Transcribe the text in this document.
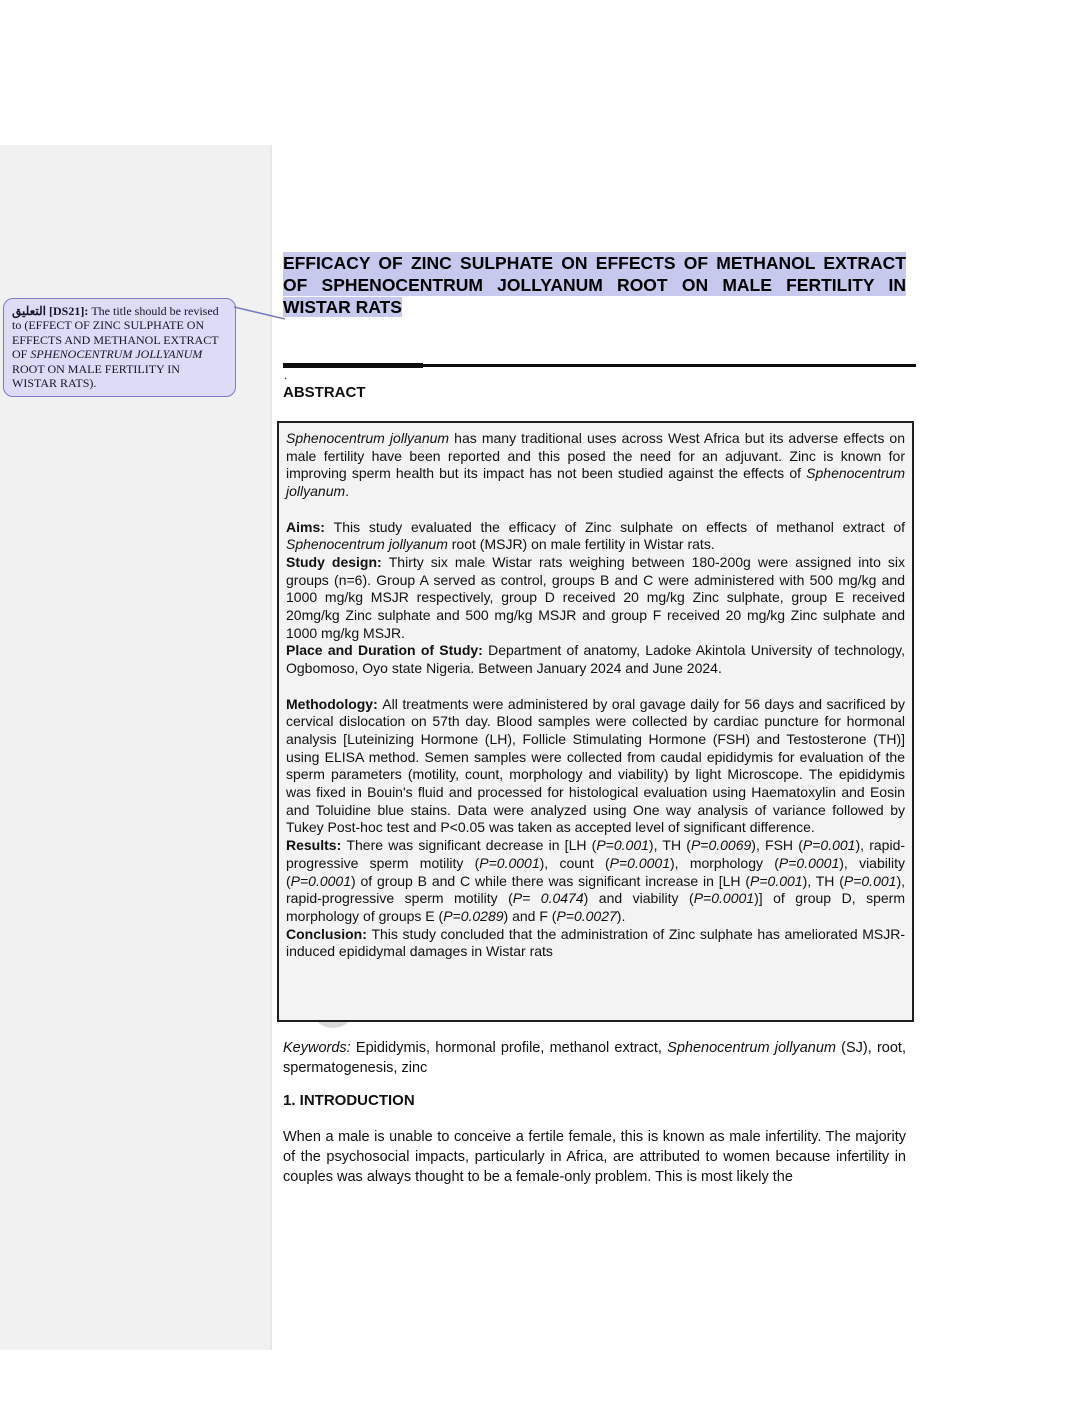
التعليق [DS21]: The title should be revised to (EFFECT OF ZINC SULPHATE ON EFFECTS AND METHANOL EXTRACT OF SPHENOCENTRUM JOLLYANUM ROOT ON MALE FERTILITY IN WISTAR RATS).
EFFICACY OF ZINC SULPHATE ON EFFECTS OF METHANOL EXTRACT
OF SPHENOCENTRUM JOLLYANUM ROOT ON MALE FERTILITY IN
WISTAR RATS
.
ABSTRACT

Sphenocentrum jollyanum has many traditional uses across West Africa but its adverse effects on male fertility have been reported and this posed the need for an adjuvant. Zinc is known for improving sperm health but its impact has not been studied against the effects of Sphenocentrum jollyanum.

Aims: This study evaluated the efficacy of Zinc sulphate on effects of methanol extract of Sphenocentrum jollyanum root (MSJR) on male fertility in Wistar rats.

Study design: Thirty six male Wistar rats weighing between 180-200g were assigned into six groups (n=6). Group A served as control, groups B and C were administered with 500 mg/kg and 1000 mg/kg MSJR respectively, group D received 20 mg/kg Zinc sulphate, group E received 20mg/kg Zinc sulphate and 500 mg/kg MSJR and group F received 20 mg/kg Zinc sulphate and 1000 mg/kg MSJR.

Place and Duration of Study: Department of anatomy, Ladoke Akintola University of technology, Ogbomoso, Oyo state Nigeria. Between January 2024 and June 2024.

Methodology: All treatments were administered by oral gavage daily for 56 days and sacrificed by cervical dislocation on 57th day. Blood samples were collected by cardiac puncture for hormonal analysis [Luteinizing Hormone (LH), Follicle Stimulating Hormone (FSH) and Testosterone (TH)] using ELISA method. Semen samples were collected from caudal epididymis for evaluation of the sperm parameters (motility, count, morphology and viability) by light Microscope. The epididymis was fixed in Bouin's fluid and processed for histological evaluation using Haematoxylin and Eosin and Toluidine blue stains. Data were analyzed using One way analysis of variance followed by Tukey Post-hoc test and P<0.05 was taken as accepted level of significant difference.

Results: There was significant decrease in [LH (P=0.001), TH (P=0.0069), FSH (P=0.001), rapid-progressive sperm motility (P=0.0001), count (P=0.0001), morphology (P=0.0001), viability (P=0.0001) of group B and C while there was significant increase in [LH (P=0.001), TH (P=0.001), rapid-progressive sperm motility (P= 0.0474) and viability (P=0.0001)] of group D, sperm morphology of groups E (P=0.0289) and F (P=0.0027).

Conclusion: This study concluded that the administration of Zinc sulphate has ameliorated MSJR-induced epididymal damages in Wistar rats

Keywords: Epididymis, hormonal profile, methanol extract, Sphenocentrum jollyanum (SJ), root, spermatogenesis, zinc
1. INTRODUCTION
When a male is unable to conceive a fertile female, this is known as male infertility. The majority of the psychosocial impacts, particularly in Africa, are attributed to women because infertility in couples was always thought to be a female-only problem. This is most likely the
